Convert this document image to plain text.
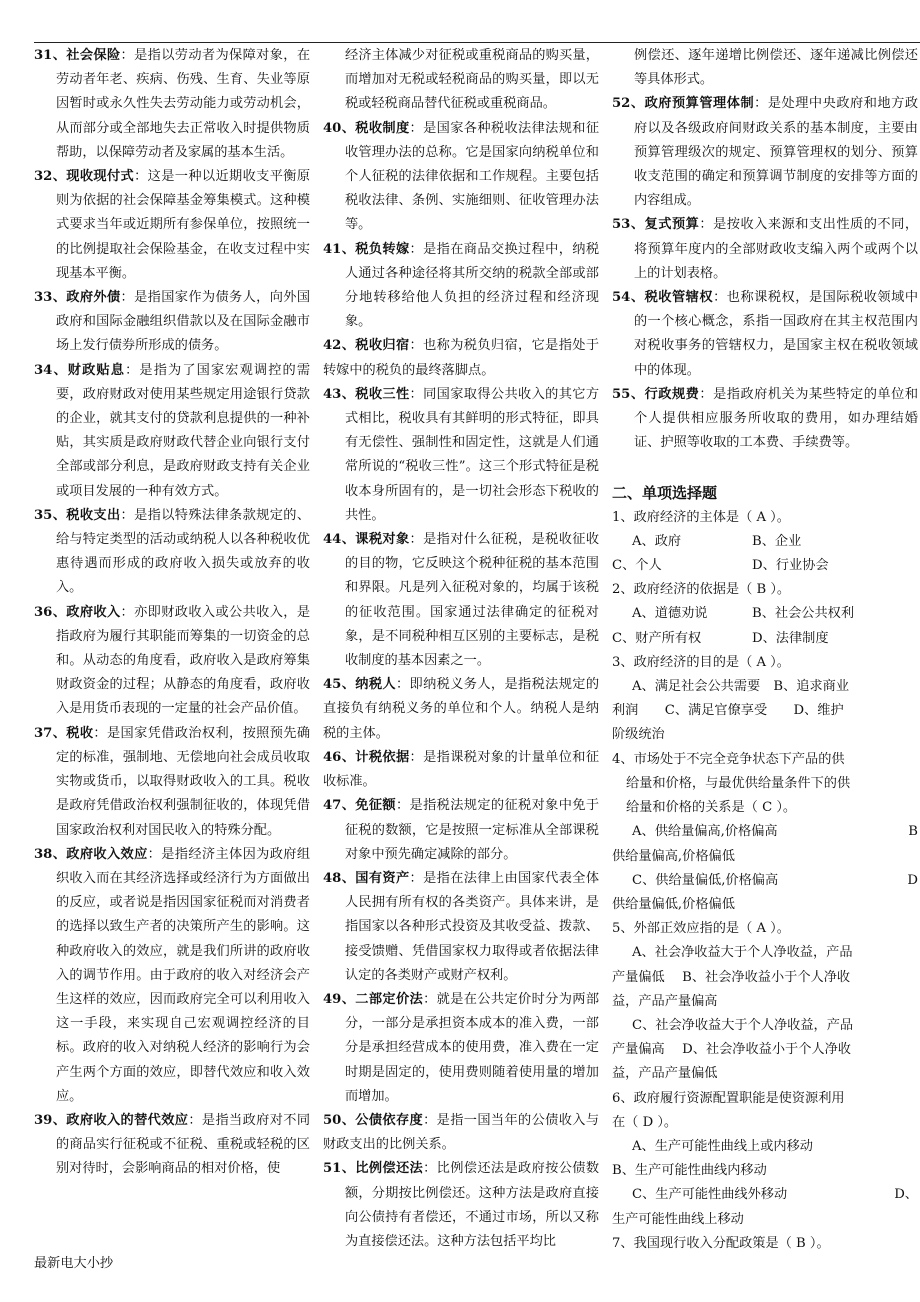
31、社会保险：是指以劳动者为保障对象，在劳动者年老、疾病、伤残、生育、失业等原因暂时或永久性失去劳动能力或劳动机会，从而部分或全部地失去正常收入时提供物质帮助，以保障劳动者及家属的基本生活。

32、现收现付式：这是一种以近期收支平衡原则为依据的社会保障基金筹集模式。这种模式要求当年或近期所有参保单位，按照统一的比例提取社会保险基金，在收支过程中实现基本平衡。

33、政府外债：是指国家作为债务人，向外国政府和国际金融组织借款以及在国际金融市场上发行债券所形成的债务。

34、财政贴息：是指为了国家宏观调控的需要，政府财政对使用某些规定用途银行贷款的企业，就其支付的贷款利息提供的一种补贴，其实质是政府财政代替企业向银行支付全部或部分利息，是政府财政支持有关企业或项目发展的一种有效方式。

35、税收支出：是指以特殊法律条款规定的、给与特定类型的活动或纳税人以各种税收优惠待遇而形成的政府收入损失或放弃的收入。

36、政府收入：亦即财政收入或公共收入，是指政府为履行其职能而筹集的一切资金的总和。从动态的角度看，政府收入是政府筹集财政资金的过程；从静态的角度看，政府收入是用货币表现的一定量的社会产品价值。

37、税收：是国家凭借政治权利，按照预先确定的标准，强制地、无偿地向社会成员收取实物或货币，以取得财政收入的工具。税收是政府凭借政治权利强制征收的，体现凭借国家政治权利对国民收入的特殊分配。

38、政府收入效应：是指经济主体因为政府组织收入而在其经济选择或经济行为方面做出的反应，或者说是指因国家征税而对消费者的选择以致生产者的决策所产生的影响。这种政府收入的效应，就是我们所讲的政府收入的调节作用。由于政府的收入对经济会产生这样的效应，因而政府完全可以利用收入这一手段，来实现自己宏观调控经济的目标。政府的收入对纳税人经济的影响行为会产生两个方面的效应，即替代效应和收入效应。

39、政府收入的替代效应：是指当政府对不同的商品实行征税或不征税、重税或轻税的区别对待时，会影响商品的相对价格，使

经济主体减少对征税或重税商品的购买量，而增加对无税或轻税商品的购买量，即以无税或轻税商品替代征税或重税商品。

40、税收制度：是国家各种税收法律法规和征收管理办法的总称。它是国家向纳税单位和个人征税的法律依据和工作规程。主要包括税收法律、条例、实施细则、征收管理办法等。

41、税负转嫁：是指在商品交换过程中，纳税人通过各种途径将其所交纳的税款全部或部分地转移给他人负担的经济过程和经济现象。

42、税收归宿：也称为税负归宿，它是指处于转嫁中的税负的最终落脚点。

43、税收三性：同国家取得公共收入的其它方式相比，税收具有其鲜明的形式特征，即具有无偿性、强制性和固定性，这就是人们通常所说的“税收三性”。这三个形式特征是税收本身所固有的，是一切社会形态下税收的共性。

44、课税对象：是指对什么征税，是税收征收的目的物，它反映这个税种征税的基本范围和界限。凡是列入征税对象的，均属于该税的征收范围。国家通过法律确定的征税对象，是不同税种相互区别的主要标志，是税收制度的基本因素之一。

45、纳税人：即纳税义务人，是指税法规定的直接负有纳税义务的单位和个人。纳税人是纳税的主体。

46、计税依据：是指课税对象的计量单位和征收标准。

47、免征额：是指税法规定的征税对象中免于征税的数额，它是按照一定标准从全部课税对象中预先确定减除的部分。

48、国有资产：是指在法律上由国家代表全体人民拥有所有权的各类资产。具体来讲，是指国家以各种形式投资及其收受益、拨款、接受馈赠、凭借国家权力取得或者依据法律认定的各类财产或财产权利。

49、二部定价法：就是在公共定价时分为两部分，一部分是承担资本成本的准入费，一部分是承担经营成本的使用费，准入费在一定时期是固定的，使用费则随着使用量的增加而增加。

50、公债依存度：是指一国当年的公债收入与财政支出的比例关系。

51、比例偿还法：比例偿还法是政府按公债数额，分期按比例偿还。这种方法是政府直接向公债持有者偿还，不通过市场，所以又称为直接偿还法。这种方法包括平均比

例偿还、逐年递增比例偿还、逐年递减比例偿还等具体形式。

52、政府预算管理体制：是处理中央政府和地方政府以及各级政府间财政关系的基本制度，主要由预算管理级次的规定、预算管理权的划分、预算收支范围的确定和预算调节制度的安排等方面的内容组成。

53、复式预算：是按收入来源和支出性质的不同，将预算年度内的全部财政收支编入两个或两个以上的计划表格。

54、税收管辖权：也称课税权，是国际税收领域中的一个核心概念，系指一国政府在其主权范围内对税收事务的管辖权力，是国家主权在税收领域中的体现。

55、行政规费：是指政府机关为某些特定的单位和个人提供相应服务所收取的费用，如办理结婚证、护照等收取的工本费、手续费等。

二、单项选择题

1、政府经济的主体是（ A ）。

A、政府	B、企业

C、个人	D、行业协会

2、政府经济的依据是（ B ）。

A、道德劝说	B、社会公共权利

C、财产所有权	D、法律制度

3、政府经济的目的是（ A ）。

A、满足社会公共需要　B、追求商业

利润　　C、满足官僚享受　　D、维护

阶级统治

4、市场处于不完全竞争状态下产品的供

给量和价格，与最优供给量条件下的供

给量和价格的关系是（ C ）。

A、供给量偏高,价格偏高	B

供给量偏高,价格偏低

C、供给量偏低,价格偏高	D

供给量偏低,价格偏低

5、外部正效应指的是（ A ）。

A、社会净收益大于个人净收益，产品

产量偏低　 B、社会净收益小于个人净收

益，产品产量偏高

C、社会净收益大于个人净收益，产品

产量偏高　 D、社会净收益小于个人净收

益，产品产量偏低

6、政府履行资源配置职能是使资源利用

在（ D ）。

A、生产可能性曲线上或内移动

B、生产可能性曲线内移动

C、生产可能性曲线外移动	D、

生产可能性曲线上移动

7、我国现行收入分配政策是（ B ）。

最新电大小抄
